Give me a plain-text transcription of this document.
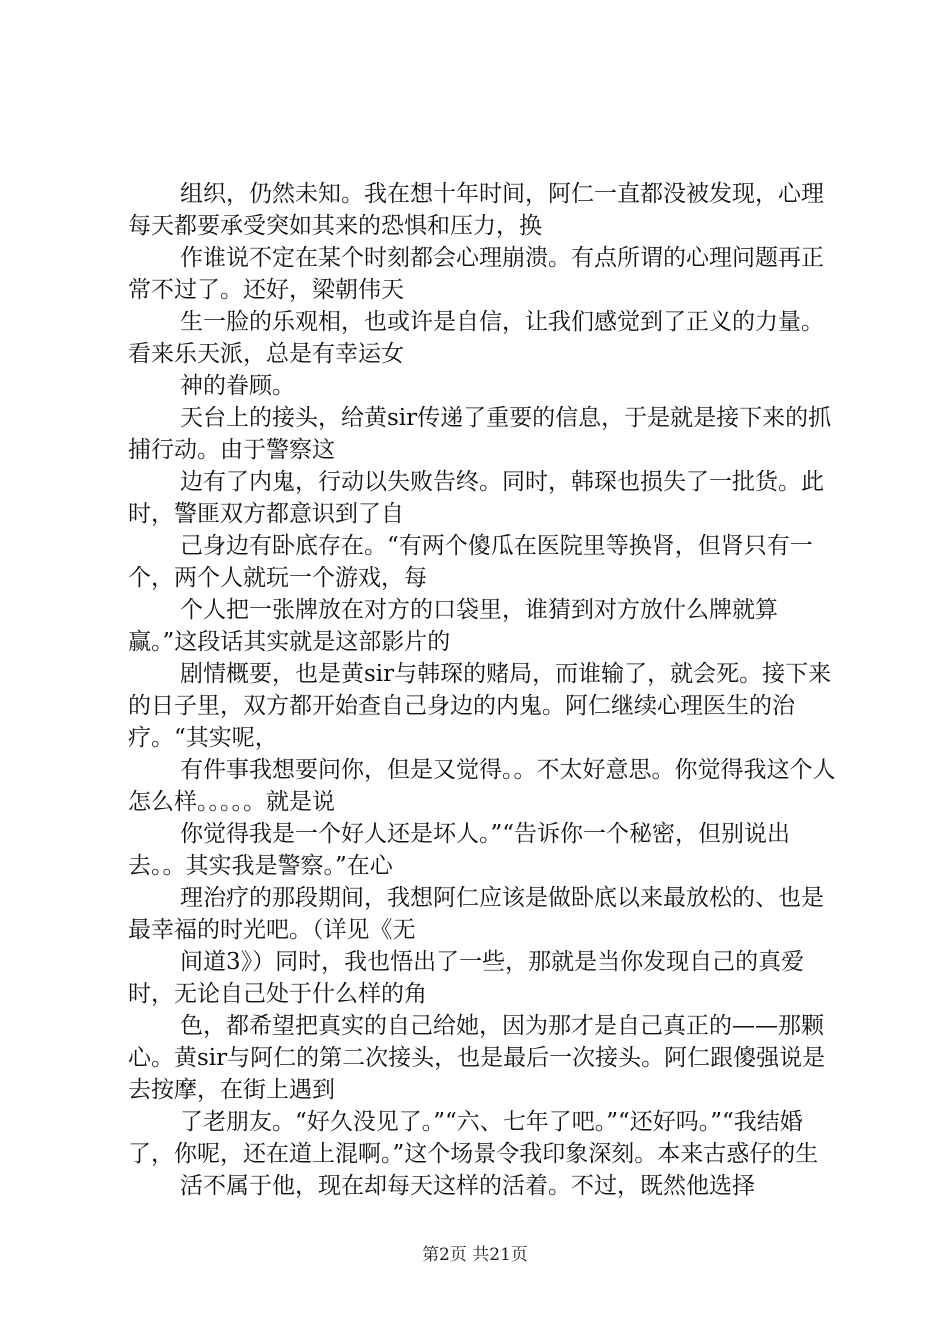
组织，仍然未知。我在想十年时间，阿仁一直都没被发现，心理每天都要承受突如其来的恐惧和压力，换

作谁说不定在某个时刻都会心理崩溃。有点所谓的心理问题再正常不过了。还好，梁朝伟天

生一脸的乐观相，也或许是自信，让我们感觉到了正义的力量。看来乐天派，总是有幸运女

神的眷顾。

天台上的接头，给黄sir传递了重要的信息，于是就是接下来的抓捕行动。由于警察这

边有了内鬼，行动以失败告终。同时，韩琛也损失了一批货。此时，警匪双方都意识到了自

己身边有卧底存在。“有两个傻瓜在医院里等换肾，但肾只有一个，两个人就玩一个游戏，每

个人把一张牌放在对方的口袋里，谁猜到对方放什么牌就算赢。”这段话其实就是这部影片的

剧情概要，也是黄sir与韩琛的赌局，而谁输了，就会死。接下来的日子里，双方都开始查自己身边的内鬼。阿仁继续心理医生的治疗。“其实呢，

有件事我想要问你，但是又觉得。。不太好意思。你觉得我这个人怎么样。。。。。就是说

你觉得我是一个好人还是坏人。”“告诉你一个秘密，但别说出去。。其实我是警察。”在心

理治疗的那段期间，我想阿仁应该是做卧底以来最放松的、也是最幸福的时光吧。（详见《无

间道3》）同时，我也悟出了一些，那就是当你发现自己的真爱时，无论自己处于什么样的角

色，都希望把真实的自己给她，因为那才是自己真正的——那颗心。黄sir与阿仁的第二次接头，也是最后一次接头。阿仁跟傻强说是去按摩，在街上遇到

了老朋友。“好久没见了。”“六、七年了吧。”“还好吗。”“我结婚了，你呢，还在道上混啊。”这个场景令我印象深刻。本来古惑仔的生

活不属于他，现在却每天这样的活着。不过，既然他选择

第2页 共21页
